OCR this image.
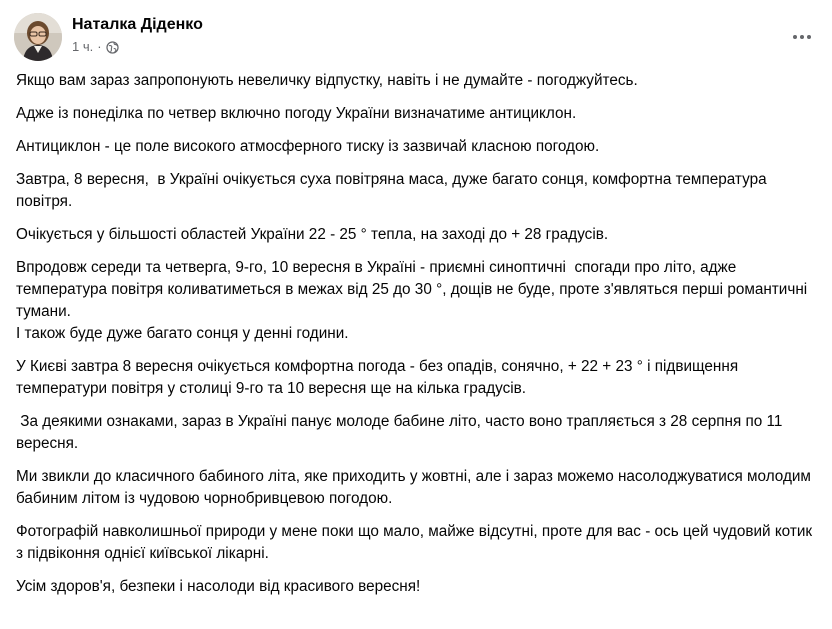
Наталка Діденко
1 ч. ·

Якщо вам зараз запропонують невеличку відпустку, навіть і не думайте - погоджуйтесь.

Адже із понеділка по четвер включно погоду України визначатиме антициклон.

Антициклон - це поле високого атмосферного тиску із зазвичай класною погодою.

Завтра, 8 вересня,  в Україні очікується суха повітряна маса, дуже багато сонця, комфортна температура повітря.

Очікується у більшості областей України 22 - 25 ° тепла, на заході до + 28 градусів.

Впродовж середи та четверга, 9-го, 10 вересня в Україні - приємні синоптичні  спогади про літо, адже температура повітря коливатиметься в межах від 25 до 30 °, дощів не буде, проте з'являться перші романтичні тумани.
І також буде дуже багато сонця у денні години.

У Києві завтра 8 вересня очікується комфортна погода - без опадів, сонячно, + 22 + 23 ° і підвищення температури повітря у столиці 9-го та 10 вересня ще на кілька градусів.

За деякими ознаками, зараз в Україні панує молоде бабине літо, часто воно трапляється з 28 серпня по 11 вересня.

Ми звикли до класичного бабиного літа, яке приходить у жовтні, але і зараз можемо насолоджуватися молодим бабиним літом із чудовою чорнобривцевою погодою.

Фотографій навколишньої природи у мене поки що мало, майже відсутні, проте для вас - ось цей чудовий котик з підвіконня однієї київської лікарні.

Усім здоров'я, безпеки і насолоди від красивого вересня!
